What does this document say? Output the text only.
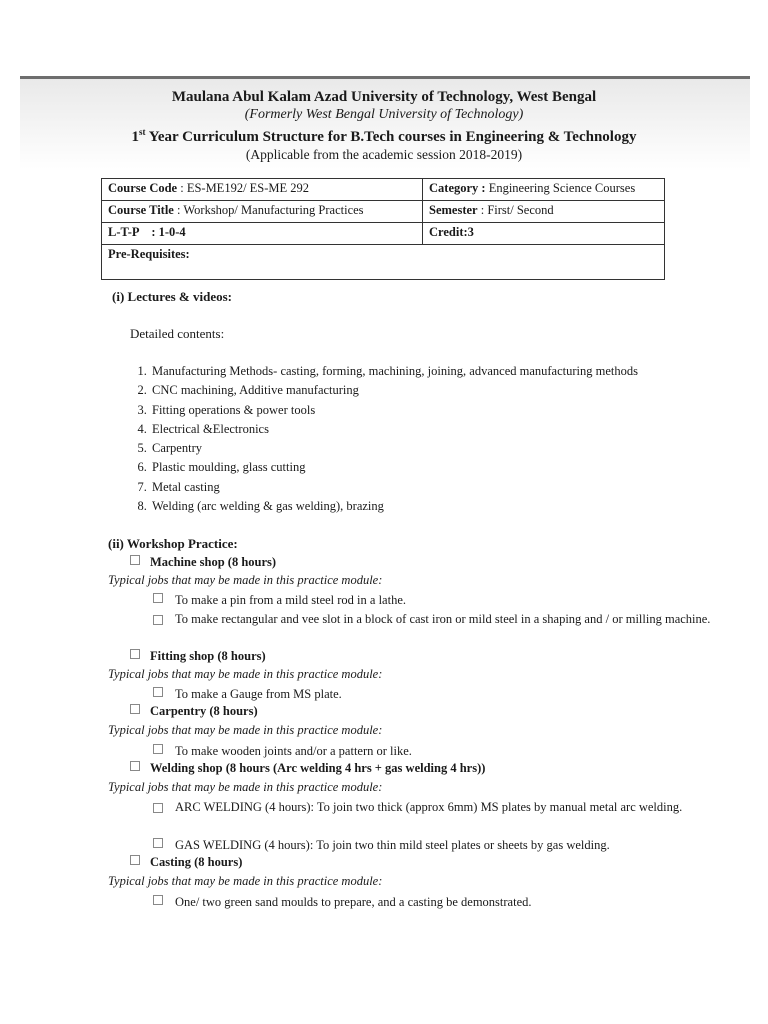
Maulana Abul Kalam Azad University of Technology, West Bengal
(Formerly West Bengal University of Technology)
1st Year Curriculum Structure for B.Tech courses in Engineering & Technology
(Applicable from the academic session 2018-2019)
Course Code : ES-ME192/ ES-ME 292	Category : Engineering Science Courses
Course Title : Workshop/ Manufacturing Practices	Semester : First/ Second
L-T-P    : 1-0-4	Credit:3
Pre-Requisites:	
(i) Lectures & videos:
Detailed contents:
1. Manufacturing Methods- casting, forming, machining, joining, advanced manufacturing methods
2. CNC machining, Additive manufacturing
3. Fitting operations & power tools
4. Electrical &Electronics
5. Carpentry
6. Plastic moulding, glass cutting
7. Metal casting
8. Welding (arc welding & gas welding), brazing
(ii) Workshop Practice:
Machine shop (8 hours)
Typical jobs that may be made in this practice module:
To make a pin from a mild steel rod in a lathe.
To make rectangular and vee slot in a block of cast iron or mild steel in a shaping and / or milling machine.
Fitting shop (8 hours)
Typical jobs that may be made in this practice module:
To make a Gauge from MS plate.
Carpentry (8 hours)
Typical jobs that may be made in this practice module:
To make wooden joints and/or a pattern or like.
Welding shop (8 hours (Arc welding 4 hrs + gas welding 4 hrs))
Typical jobs that may be made in this practice module:
ARC WELDING (4 hours): To join two thick (approx 6mm) MS plates by manual metal arc welding.
GAS WELDING (4 hours): To join two thin mild steel plates or sheets by gas welding.
Casting (8 hours)
Typical jobs that may be made in this practice module:
One/ two green sand moulds to prepare, and a casting be demonstrated.
